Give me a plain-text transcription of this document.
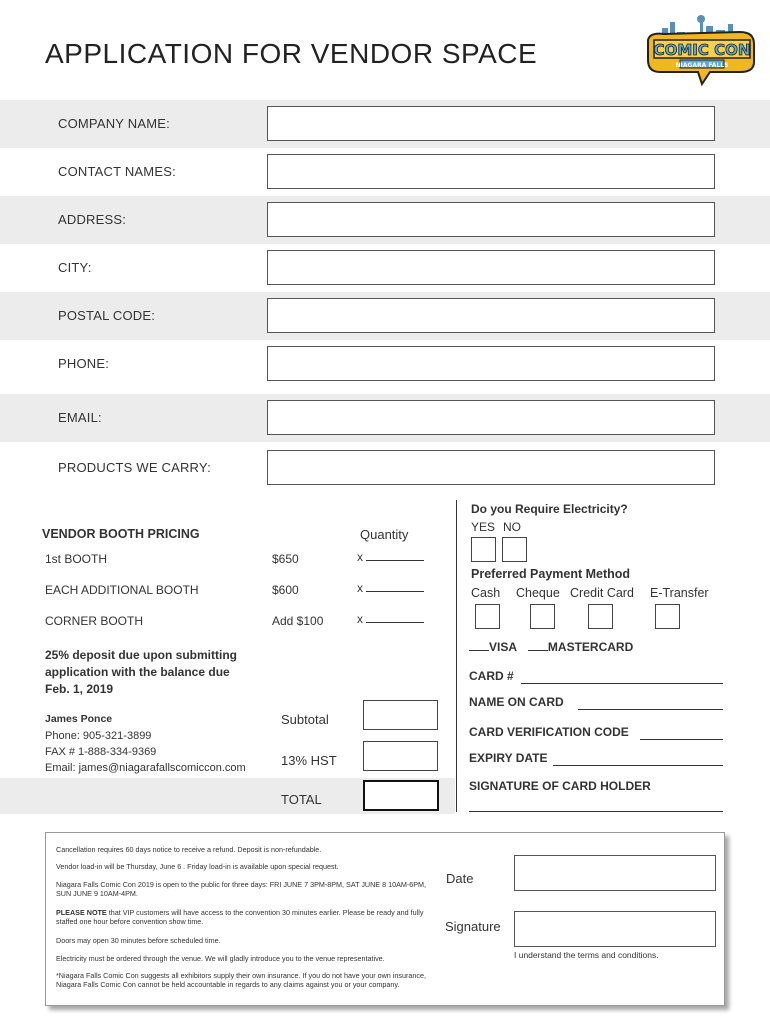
APPLICATION FOR VENDOR SPACE	COMIC CON
NIAGARA FALLS
COMPANY NAME:
CONTACT NAMES:
ADDRESS:
CITY:
POSTAL CODE:
PHONE:
EMAIL:
PRODUCTS WE CARRY:
VENDOR BOOTH PRICING	Quantity
1st BOOTH	$650	x
EACH ADDITIONAL BOOTH	$600	x
CORNER BOOTH	Add $100	x
25% deposit due upon submitting application with the balance due Feb. 1, 2019
James Ponce
Phone: 905-321-3899
FAX # 1-888-334-9369
Email: james@niagarafallscomiccon.com
Subtotal
13% HST
TOTAL
Do you Require Electricity?
YES NO
Preferred Payment Method
Cash Cheque Credit Card E-Transfer
VISA	MASTERCARD
CARD #
NAME ON CARD
CARD VERIFICATION CODE
EXPIRY DATE
SIGNATURE OF CARD HOLDER

Cancellation requires 60 days notice to receive a refund. Deposit is non-refundable.

Vendor load-in will be Thursday, June 6 . Friday load-in is available upon special request.

Niagara Falls Comic Con 2019 is open to the public for three days: FRI JUNE 7 3PM-8PM, SAT JUNE 8 10AM-6PM, SUN JUNE 9 10AM-4PM.

PLEASE NOTE that VIP customers will have access to the convention 30 minutes earlier. Please be ready and fully staffed one hour before convention show time.

Doors may open 30 minutes before scheduled time.

Electricity must be ordered through the venue. We will gladly introduce you to the venue representative.

*Niagara Falls Comic Con suggests all exhibitors supply their own insurance. If you do not have your own insurance, Niagara Falls Comic Con cannot be held accountable in regards to any claims against you or your company.

Date
Signature
I understand the terms and conditions.
